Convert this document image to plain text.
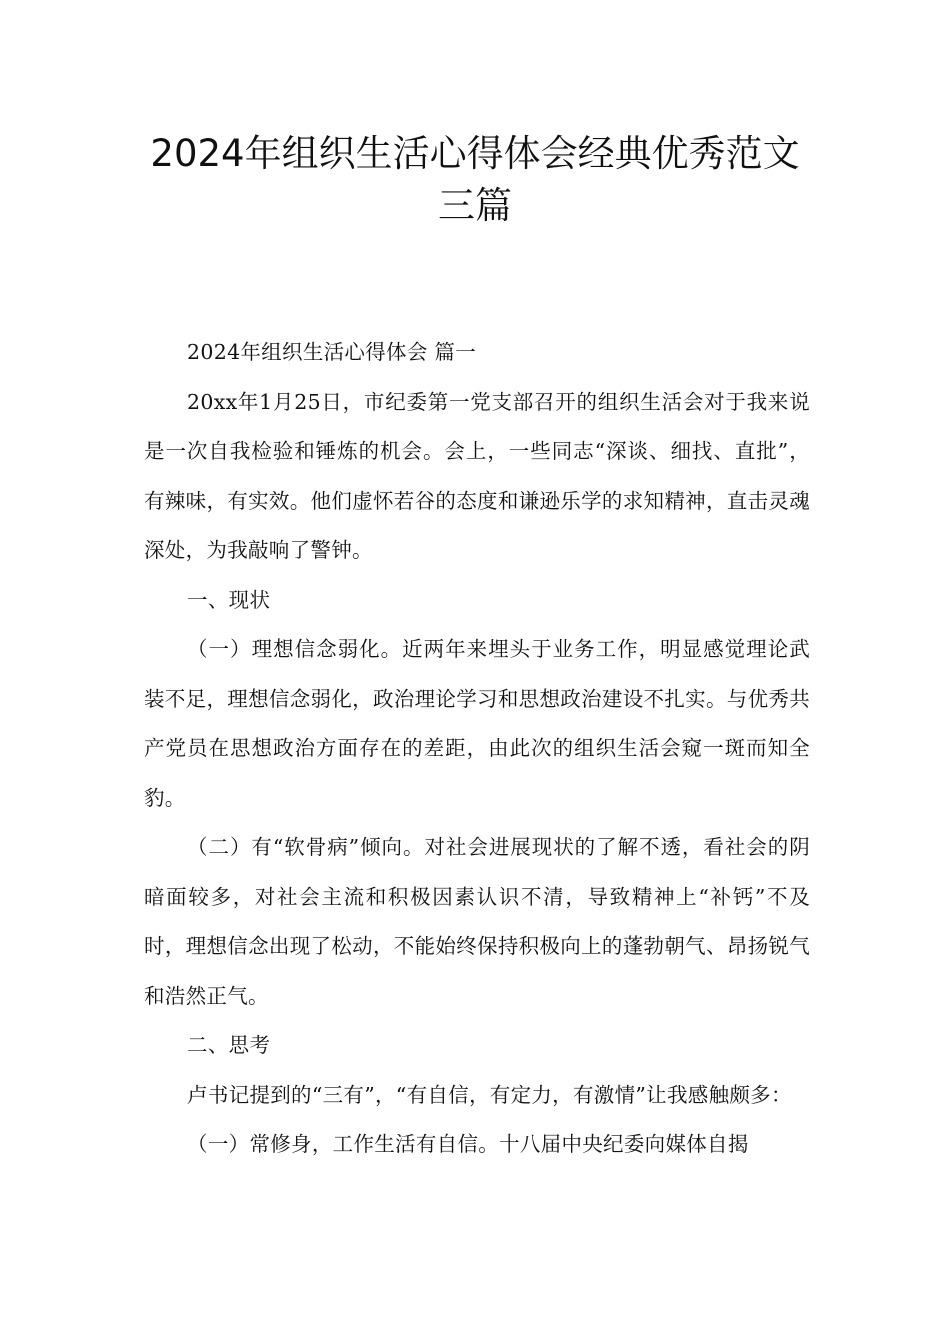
2024年组织生活心得体会经典优秀范文
三篇

2024年组织生活心得体会 篇一

20xx年1月25日，市纪委第一党支部召开的组织生活会对于我来说是一次自我检验和锤炼的机会。会上，一些同志“深谈、细找、直批”，有辣味，有实效。他们虚怀若谷的态度和谦逊乐学的求知精神，直击灵魂深处，为我敲响了警钟。

一、现状

（一）理想信念弱化。近两年来埋头于业务工作，明显感觉理论武装不足，理想信念弱化，政治理论学习和思想政治建设不扎实。与优秀共产党员在思想政治方面存在的差距，由此次的组织生活会窥一斑而知全豹。

（二）有“软骨病”倾向。对社会进展现状的了解不透，看社会的阴暗面较多，对社会主流和积极因素认识不清，导致精神上“补钙”不及时，理想信念出现了松动，不能始终保持积极向上的蓬勃朝气、昂扬锐气和浩然正气。

二、思考

卢书记提到的“三有”，“有自信，有定力，有激情”让我感触颇多：

（一）常修身，工作生活有自信。十八届中央纪委向媒体自揭
